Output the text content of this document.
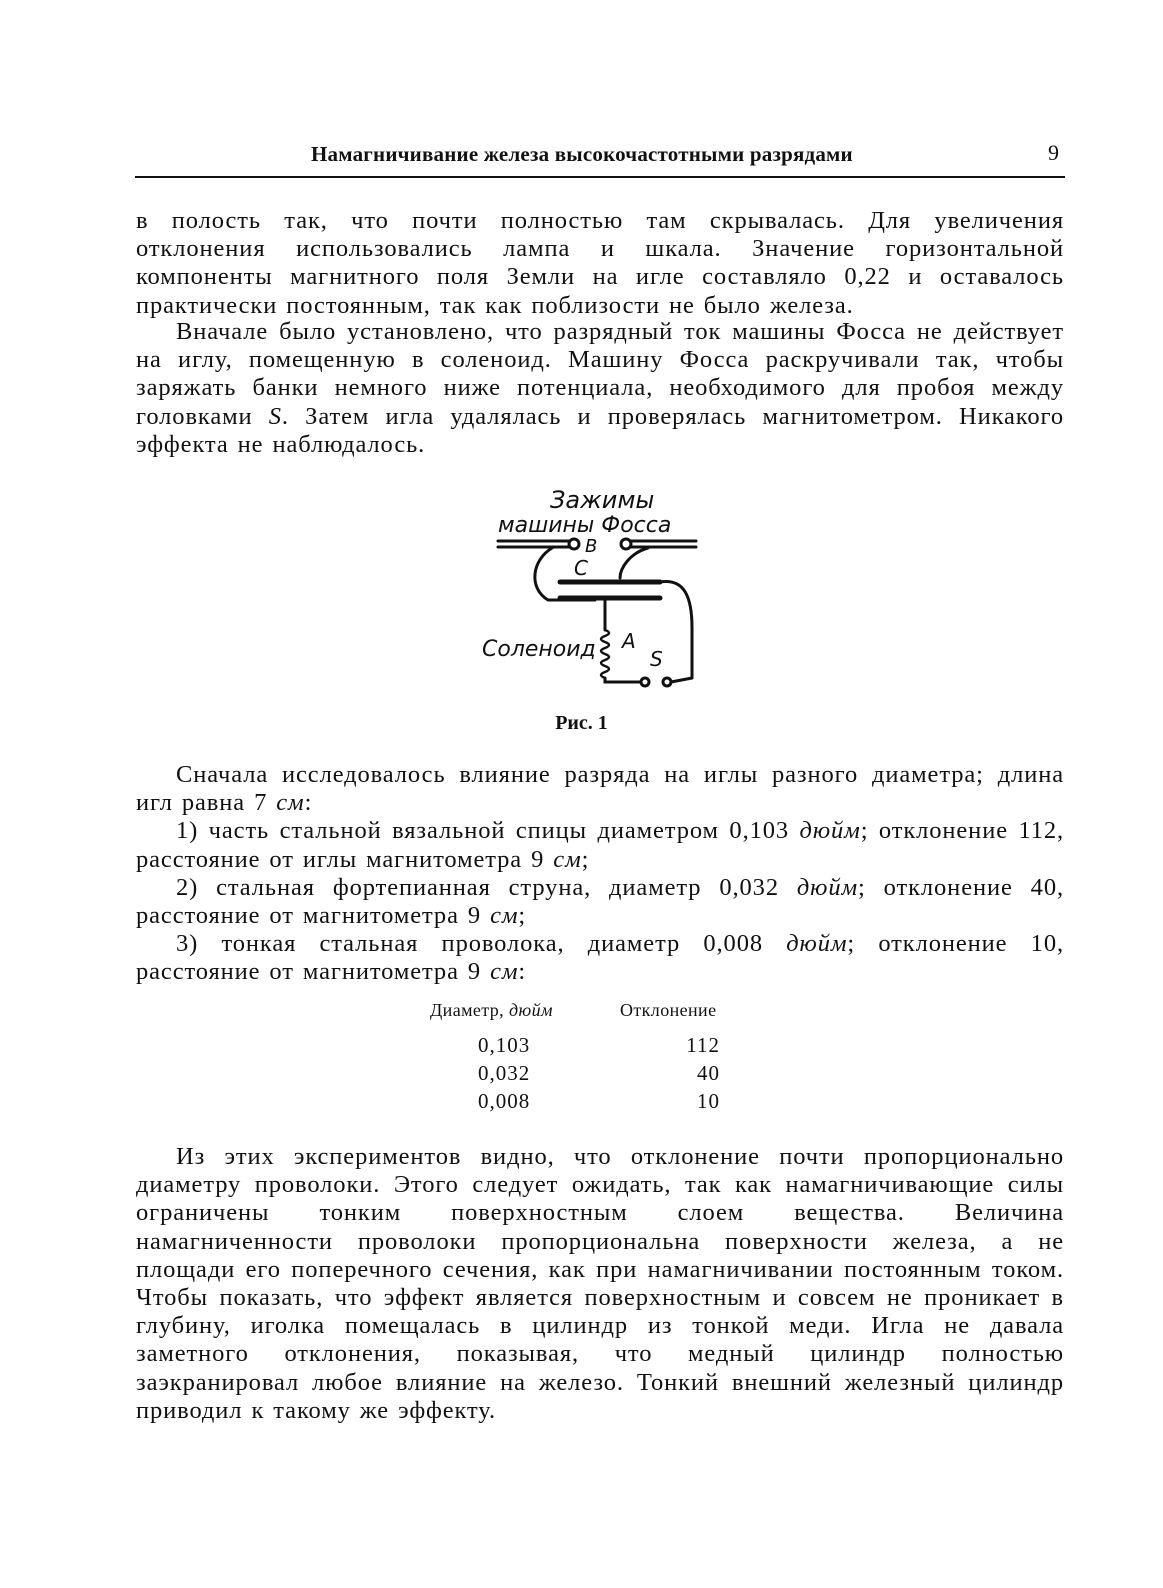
Намагничивание железа высокочастотными разрядами	9

в полость так, что почти полностью там скрывалась. Для увеличения отклонения использовались лампа и шкала. Значение горизонтальной компоненты магнитного поля Земли на игле составляло 0,22 и оставалось практически постоянным, так как поблизости не было железа.

Вначале было установлено, что разрядный ток машины Фосса не действует на иглу, помещенную в соленоид. Машину Фосса раскручивали так, чтобы заряжать банки немного ниже потенциала, необходимого для пробоя между головками S. Затем игла удалялась и проверялась магнитометром. Никакого эффекта не наблюдалось.

Зажимы
машины Фосса
B
C
Соленоид A
S
Рис. 1

Сначала исследовалось влияние разряда на иглы разного диаметра; длина игл равна 7 см:

1) часть стальной вязальной спицы диаметром 0,103 дюйм; отклонение 112, расстояние от иглы магнитометра 9 см;

2) стальная фортепианная струна, диаметр 0,032 дюйм; отклонение 40, расстояние от магнитометра 9 см;

3) тонкая стальная проволока, диаметр 0,008 дюйм; отклонение 10, расстояние от магнитометра 9 см:

Диаметр, дюйм	Отклонение
0,103	112
0,032	40
0,008	10

Из этих экспериментов видно, что отклонение почти пропорционально диаметру проволоки. Этого следует ожидать, так как намагничивающие силы ограничены тонким поверхностным слоем вещества. Величина намагниченности проволоки пропорциональна поверхности железа, а не площади его поперечного сечения, как при намагничивании постоянным током. Чтобы показать, что эффект является поверхностным и совсем не проникает в глубину, иголка помещалась в цилиндр из тонкой меди. Игла не давала заметного отклонения, показывая, что медный цилиндр полностью заэкранировал любое влияние на железо. Тонкий внешний железный цилиндр приводил к такому же эффекту.
